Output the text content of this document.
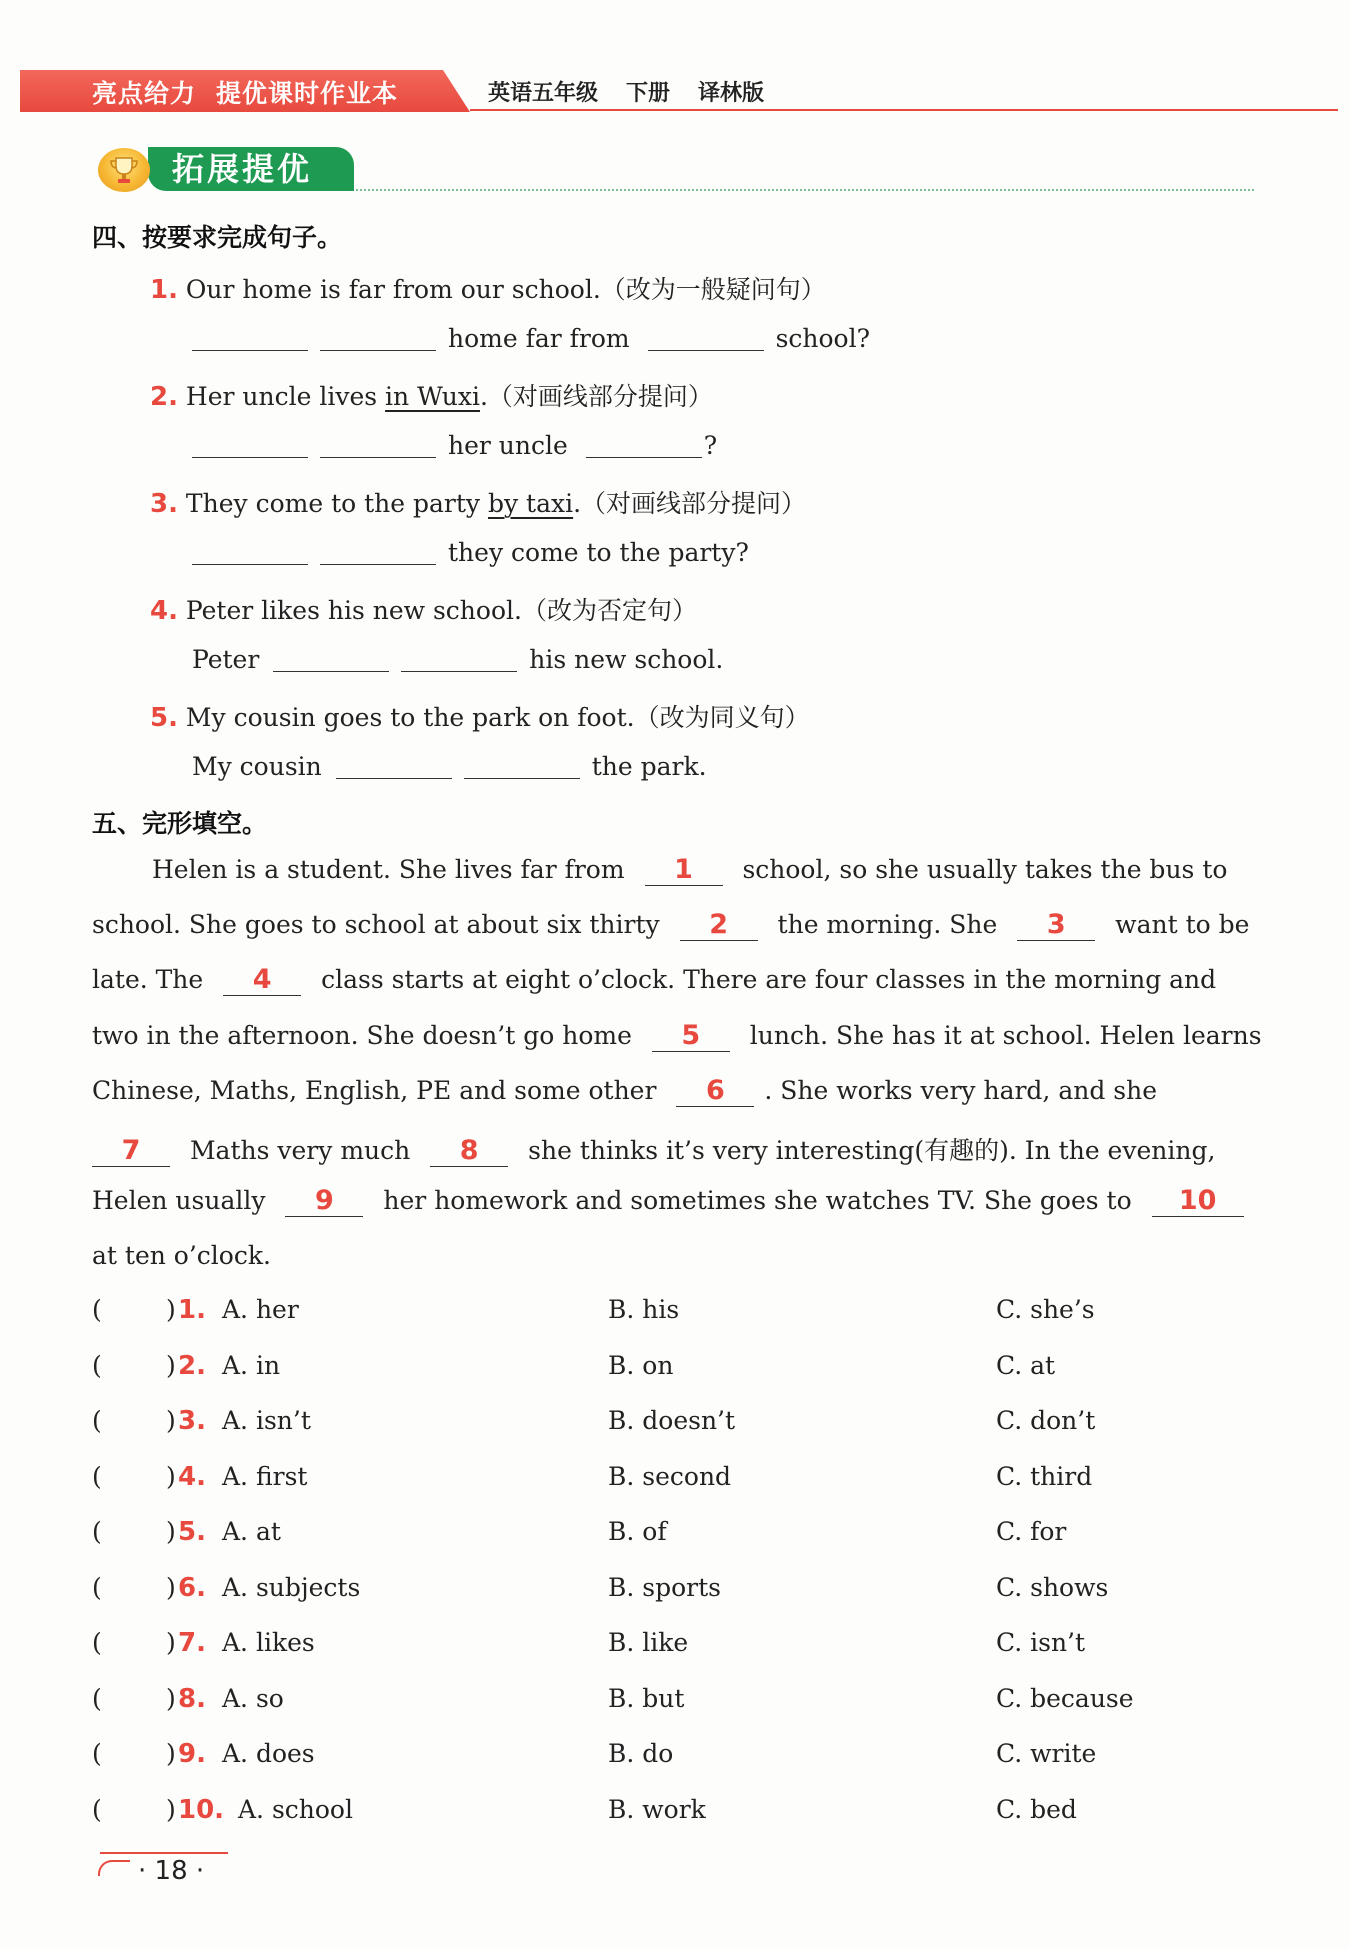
亮点给力 提优课时作业本	英语五年级 下册 译林版
拓展提优
四、按要求完成句子。
1. Our home is far from our school.（改为一般疑问句）
home far from	school?
2. Her uncle lives in Wuxi.（对画线部分提问）
her uncle	?
3. They come to the party by taxi.（对画线部分提问）
they come to the party?
4. Peter likes his new school.（改为否定句）
Peter	his new school.
5. My cousin goes to the park on foot.（改为同义句）
My cousin	the park.
五、完形填空。
Helen is a student. She lives far from 1 school, so she usually takes the bus to
school. She goes to school at about six thirty 2 the morning. She 3 want to be
late. The 4 class starts at eight o’clock. There are four classes in the morning and
two in the afternoon. She doesn’t go home 5 lunch. She has it at school. Helen learns
Chinese, Maths, English, PE and some other 6 . She works very hard, and she
7 Maths very much 8 she thinks it’s very interesting(有趣的). In the evening,
Helen usually 9 her homework and sometimes she watches TV. She goes to 10
at ten o’clock.
(	) 1. A. her	B. his	C. she’s
(	) 2. A. in	B. on	C. at
(	) 3. A. isn’t	B. doesn’t	C. don’t
(	) 4. A. first	B. second	C. third
(	) 5. A. at	B. of	C. for
(	) 6. A. subjects	B. sports	C. shows
(	) 7. A. likes	B. like	C. isn’t
(	) 8. A. so	B. but	C. because
(	) 9. A. does	B. do	C. write
(	) 10. A. school	B. work	C. bed
· 18 ·
